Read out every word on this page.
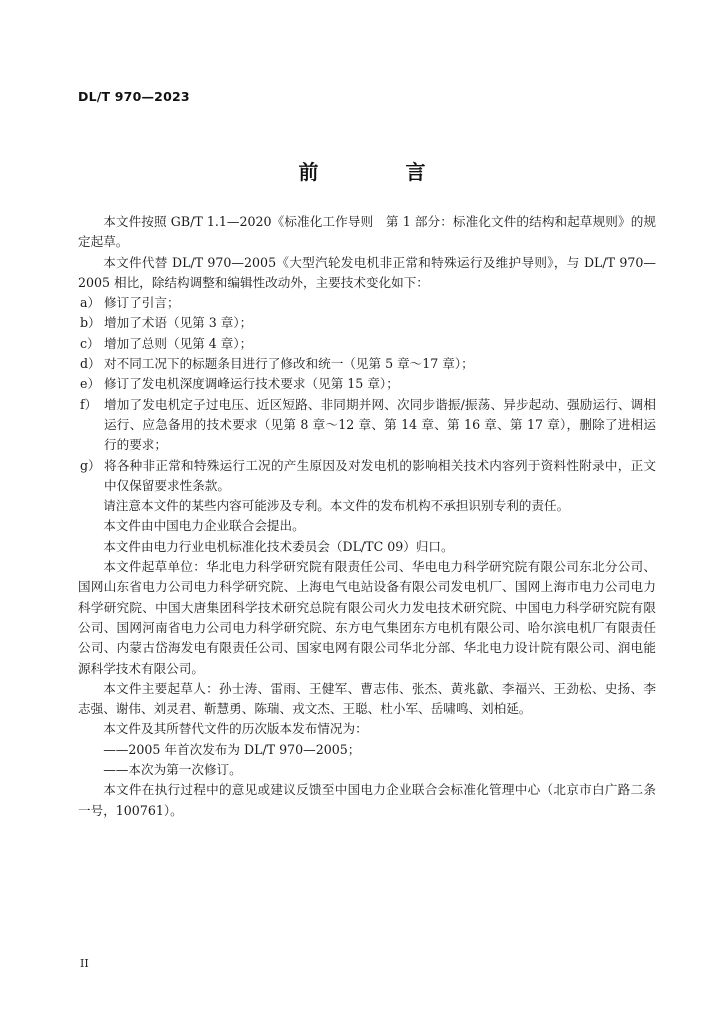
DL/T 970—2023
前 言

本文件按照 GB/T 1.1—2020《标准化工作导则　第 1 部分：标准化文件的结构和起草规则》的规定起草。

本文件代替 DL/T 970—2005《大型汽轮发电机非正常和特殊运行及维护导则》，与 DL/T 970—2005 相比，除结构调整和编辑性改动外，主要技术变化如下：

a） 修订了引言；
b） 增加了术语（见第 3 章）；
c） 增加了总则（见第 4 章）；
d） 对不同工况下的标题条目进行了修改和统一（见第 5 章～17 章）；
e） 修订了发电机深度调峰运行技术要求（见第 15 章）；
f） 增加了发电机定子过电压、近区短路、非同期并网、次同步谐振/振荡、异步起动、强励运行、调相运行、应急备用的技术要求（见第 8 章～12 章、第 14 章、第 16 章、第 17 章），删除了进相运行的要求；
g） 将各种非正常和特殊运行工况的产生原因及对发电机的影响相关技术内容列于资料性附录中，正文中仅保留要求性条款。

请注意本文件的某些内容可能涉及专利。本文件的发布机构不承担识别专利的责任。

本文件由中国电力企业联合会提出。

本文件由电力行业电机标准化技术委员会（DL/TC 09）归口。

本文件起草单位：华北电力科学研究院有限责任公司、华电电力科学研究院有限公司东北分公司、国网山东省电力公司电力科学研究院、上海电气电站设备有限公司发电机厂、国网上海市电力公司电力科学研究院、中国大唐集团科学技术研究总院有限公司火力发电技术研究院、中国电力科学研究院有限公司、国网河南省电力公司电力科学研究院、东方电气集团东方电机有限公司、哈尔滨电机厂有限责任公司、内蒙古岱海发电有限责任公司、国家电网有限公司华北分部、华北电力设计院有限公司、润电能源科学技术有限公司。

本文件主要起草人：孙士涛、雷雨、王健军、曹志伟、张杰、黄兆歙、李福兴、王劲松、史扬、李志强、谢伟、刘灵君、靳慧勇、陈瑞、戎文杰、王聪、杜小军、岳啸鸣、刘柏延。

本文件及其所替代文件的历次版本发布情况为：

——2005 年首次发布为 DL/T 970—2005；

——本次为第一次修订。

本文件在执行过程中的意见或建议反馈至中国电力企业联合会标准化管理中心（北京市白广路二条一号，100761）。

II
